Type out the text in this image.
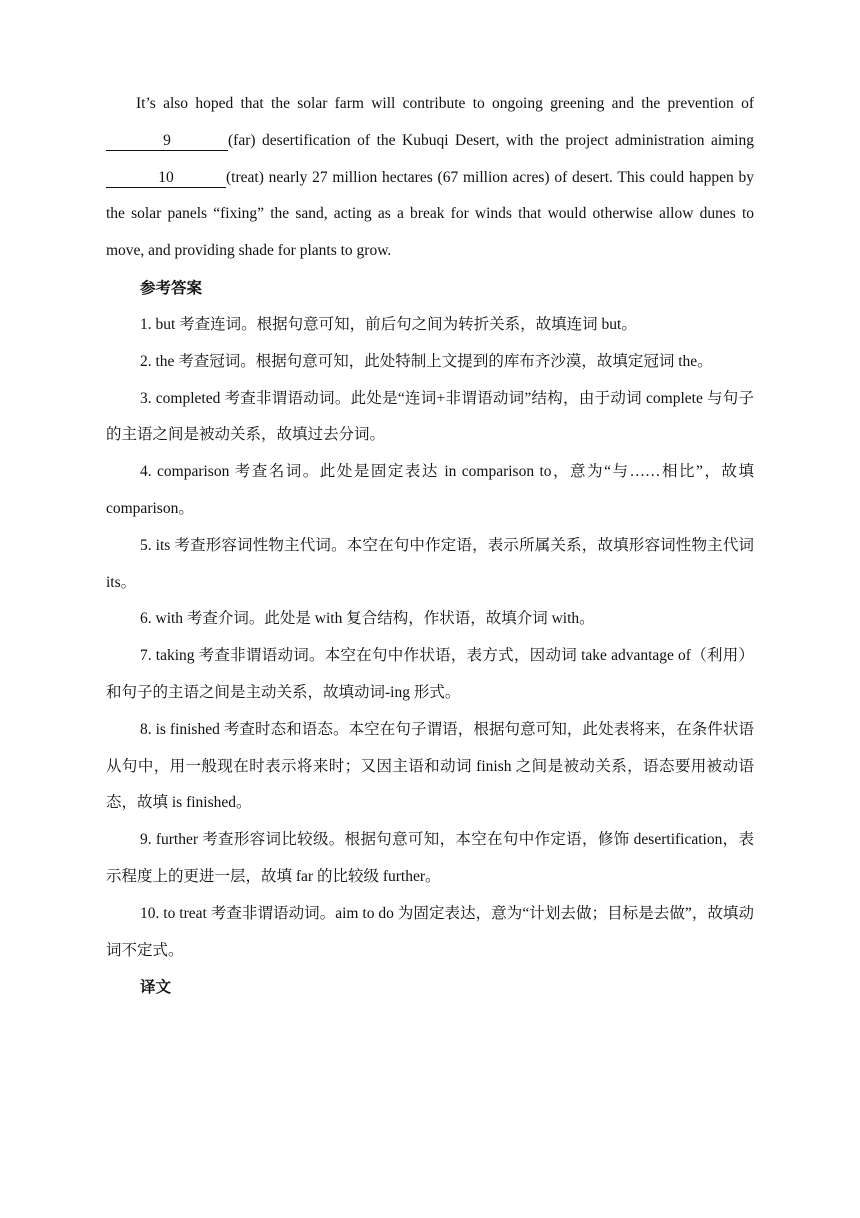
It’s also hoped that the solar farm will contribute to ongoing greening and the prevention of 9	(far) desertification of the Kubuqi Desert, with the project administration aiming 10	(treat) nearly 27 million hectares (67 million acres) of desert. This could happen by the solar panels “fixing” the sand, acting as a break for winds that would otherwise allow dunes to move, and providing shade for plants to grow.

参考答案

1. but 考查连词。根据句意可知，前后句之间为转折关系，故填连词 but。

2. the 考查冠词。根据句意可知，此处特制上文提到的库布齐沙漠，故填定冠词 the。

3. completed 考查非谓语动词。此处是“连词+非谓语动词”结构，由于动词 complete 与句子的主语之间是被动关系，故填过去分词。

4. comparison 考查名词。此处是固定表达 in comparison to，意为“与……相比”，故填 comparison。

5. its 考查形容词性物主代词。本空在句中作定语，表示所属关系，故填形容词性物主代词 its。

6. with 考查介词。此处是 with 复合结构，作状语，故填介词 with。

7. taking 考查非谓语动词。本空在句中作状语，表方式，因动词 take advantage of（利用）和句子的主语之间是主动关系，故填动词-ing 形式。

8. is finished 考查时态和语态。本空在句子谓语，根据句意可知，此处表将来，在条件状语从句中，用一般现在时表示将来时；又因主语和动词 finish 之间是被动关系，语态要用被动语态，故填 is finished。

9. further 考查形容词比较级。根据句意可知，本空在句中作定语，修饰 desertification，表示程度上的更进一层，故填 far 的比较级 further。

10. to treat 考查非谓语动词。aim to do 为固定表达，意为“计划去做；目标是去做”，故填动词不定式。

译文
